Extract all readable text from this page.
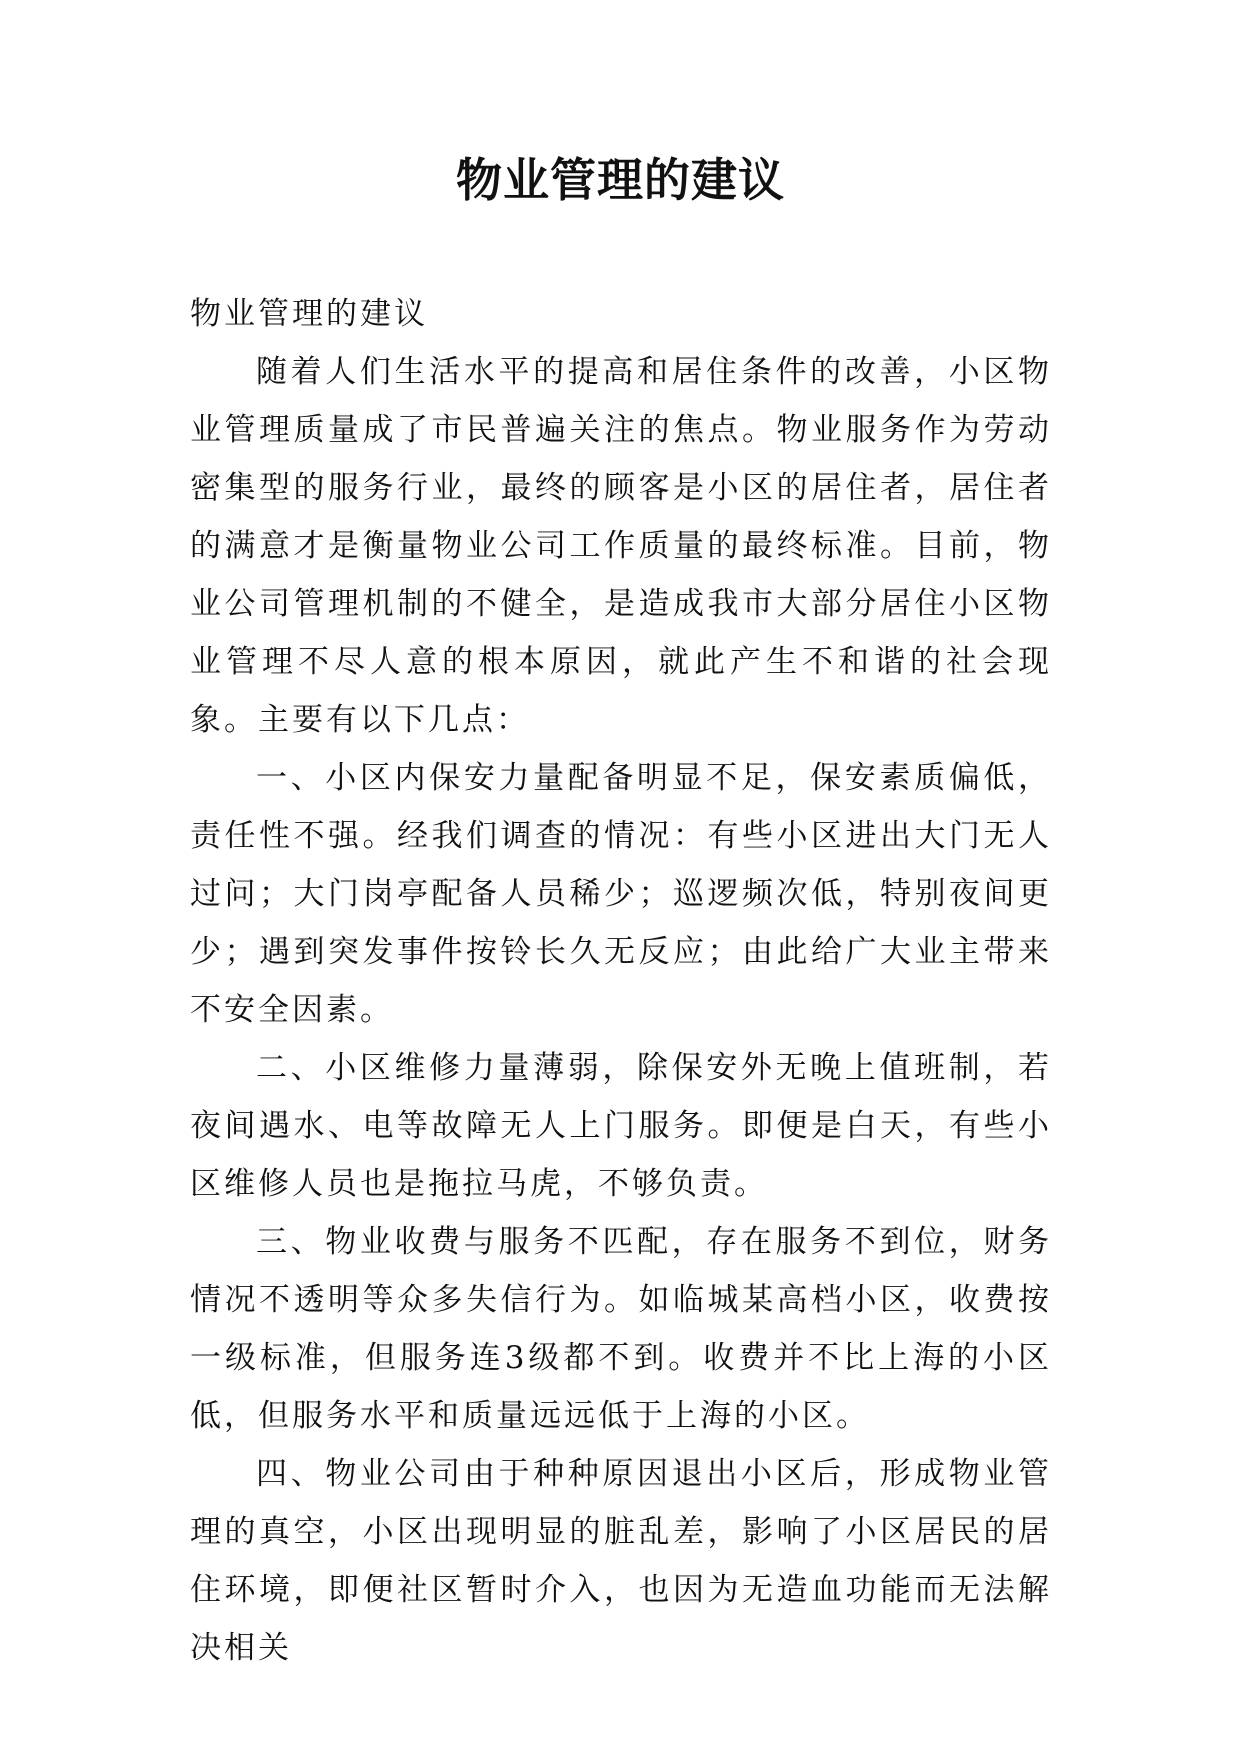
物业管理的建议

物业管理的建议

随着人们生活水平的提高和居住条件的改善，小区物业管理质量成了市民普遍关注的焦点。物业服务作为劳动密集型的服务行业，最终的顾客是小区的居住者，居住者的满意才是衡量物业公司工作质量的最终标准。目前，物业公司管理机制的不健全，是造成我市大部分居住小区物业管理不尽人意的根本原因，就此产生不和谐的社会现象。主要有以下几点：

一、小区内保安力量配备明显不足，保安素质偏低，责任性不强。经我们调查的情况：有些小区进出大门无人过问；大门岗亭配备人员稀少；巡逻频次低，特别夜间更少；遇到突发事件按铃长久无反应；由此给广大业主带来不安全因素。

二、小区维修力量薄弱，除保安外无晚上值班制，若夜间遇水、电等故障无人上门服务。即便是白天，有些小区维修人员也是拖拉马虎，不够负责。

三、物业收费与服务不匹配，存在服务不到位，财务情况不透明等众多失信行为。如临城某高档小区，收费按一级标准，但服务连3级都不到。收费并不比上海的小区低，但服务水平和质量远远低于上海的小区。

四、物业公司由于种种原因退出小区后，形成物业管理的真空，小区出现明显的脏乱差，影响了小区居民的居住环境，即便社区暂时介入，也因为无造血功能而无法解决相关
